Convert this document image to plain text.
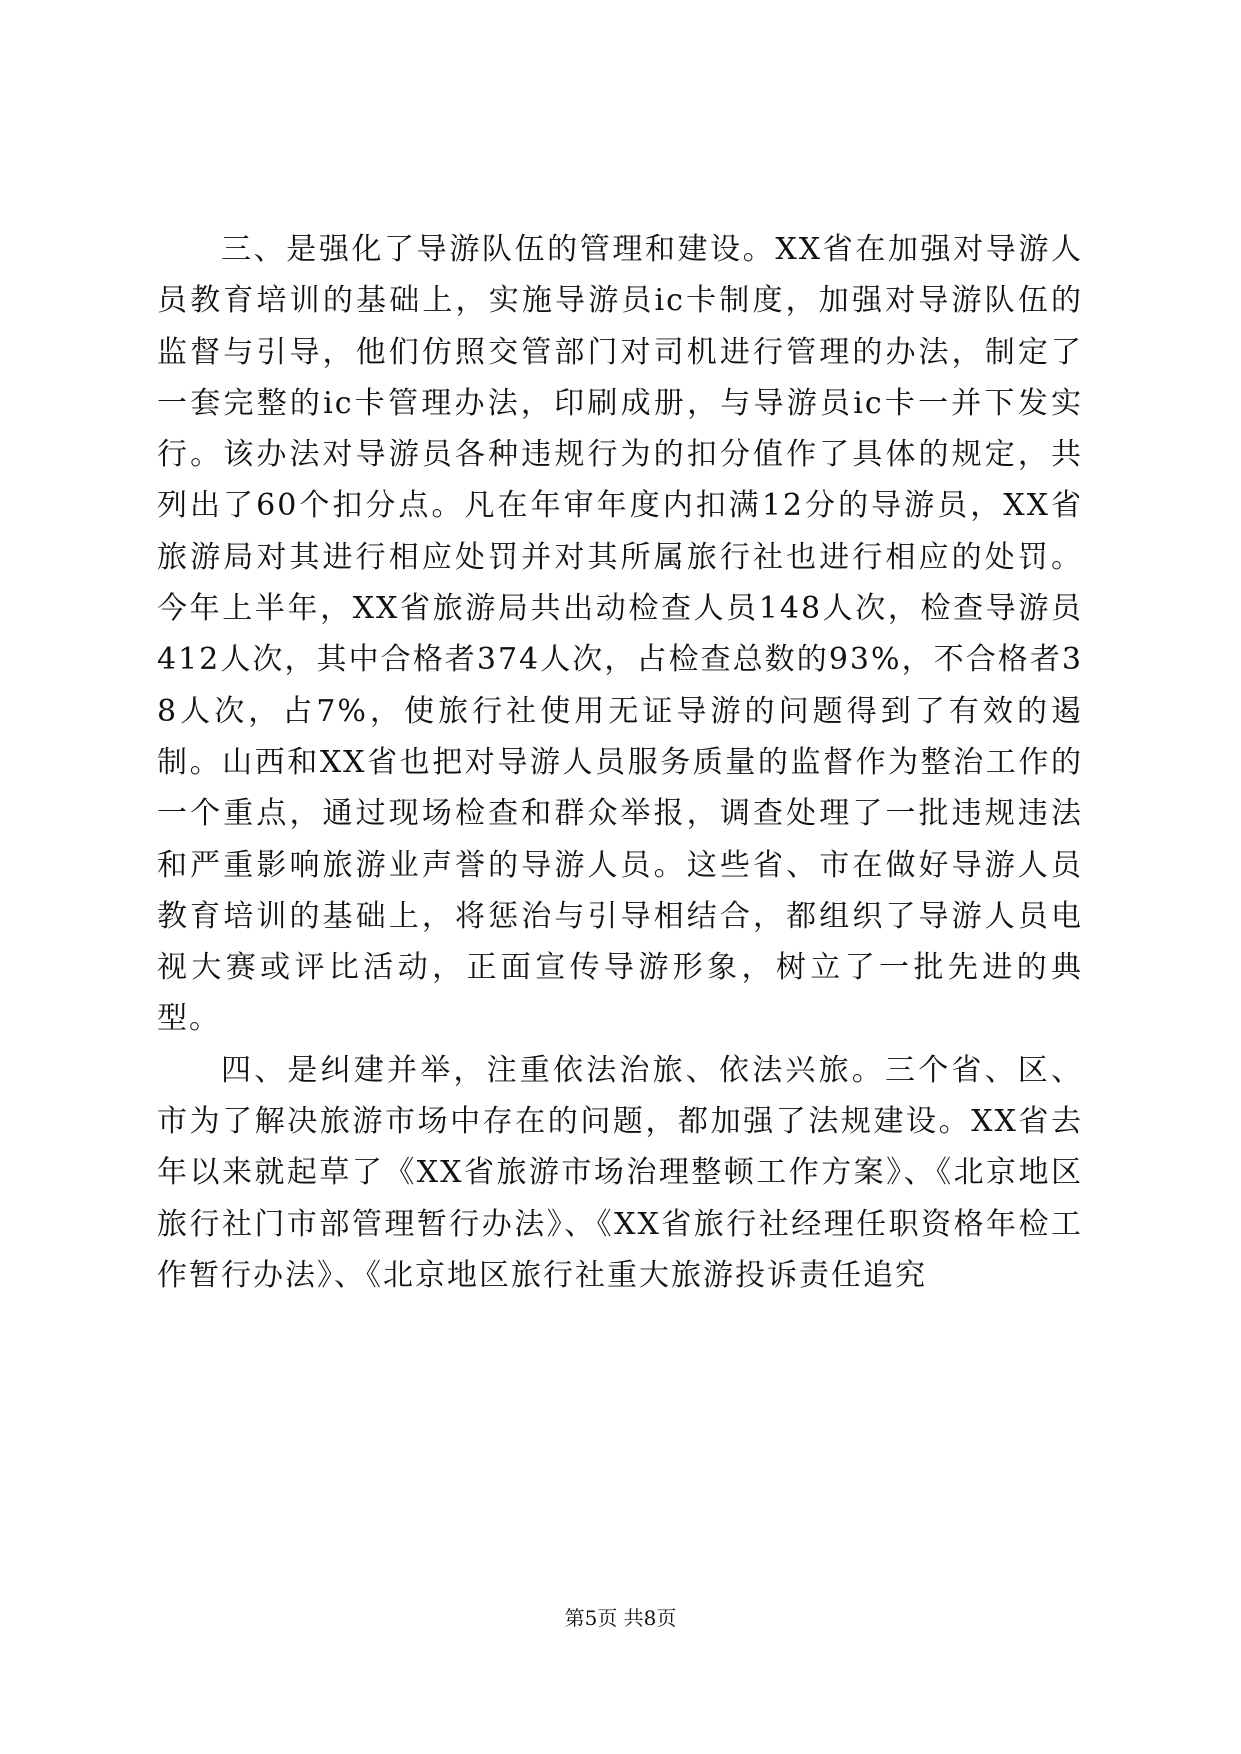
三、是强化了导游队伍的管理和建设。XX省在加强对导游人员教育培训的基础上，实施导游员ic卡制度，加强对导游队伍的监督与引导，他们仿照交管部门对司机进行管理的办法，制定了一套完整的ic卡管理办法，印刷成册，与导游员ic卡一并下发实行。该办法对导游员各种违规行为的扣分值作了具体的规定，共列出了60个扣分点。凡在年审年度内扣满12分的导游员，XX省旅游局对其进行相应处罚并对其所属旅行社也进行相应的处罚。今年上半年，XX省旅游局共出动检查人员148人次，检查导游员412人次，其中合格者374人次，占检查总数的93%，不合格者38人次，占7%，使旅行社使用无证导游的问题得到了有效的遏制。山西和XX省也把对导游人员服务质量的监督作为整治工作的一个重点，通过现场检查和群众举报，调查处理了一批违规违法和严重影响旅游业声誉的导游人员。这些省、市在做好导游人员教育培训的基础上，将惩治与引导相结合，都组织了导游人员电视大赛或评比活动，正面宣传导游形象，树立了一批先进的典型。

四、是纠建并举，注重依法治旅、依法兴旅。三个省、区、市为了解决旅游市场中存在的问题，都加强了法规建设。XX省去年以来就起草了《XX省旅游市场治理整顿工作方案》、《北京地区旅行社门市部管理暂行办法》、《XX省旅行社经理任职资格年检工作暂行办法》、《北京地区旅行社重大旅游投诉责任追究

第5页 共8页
